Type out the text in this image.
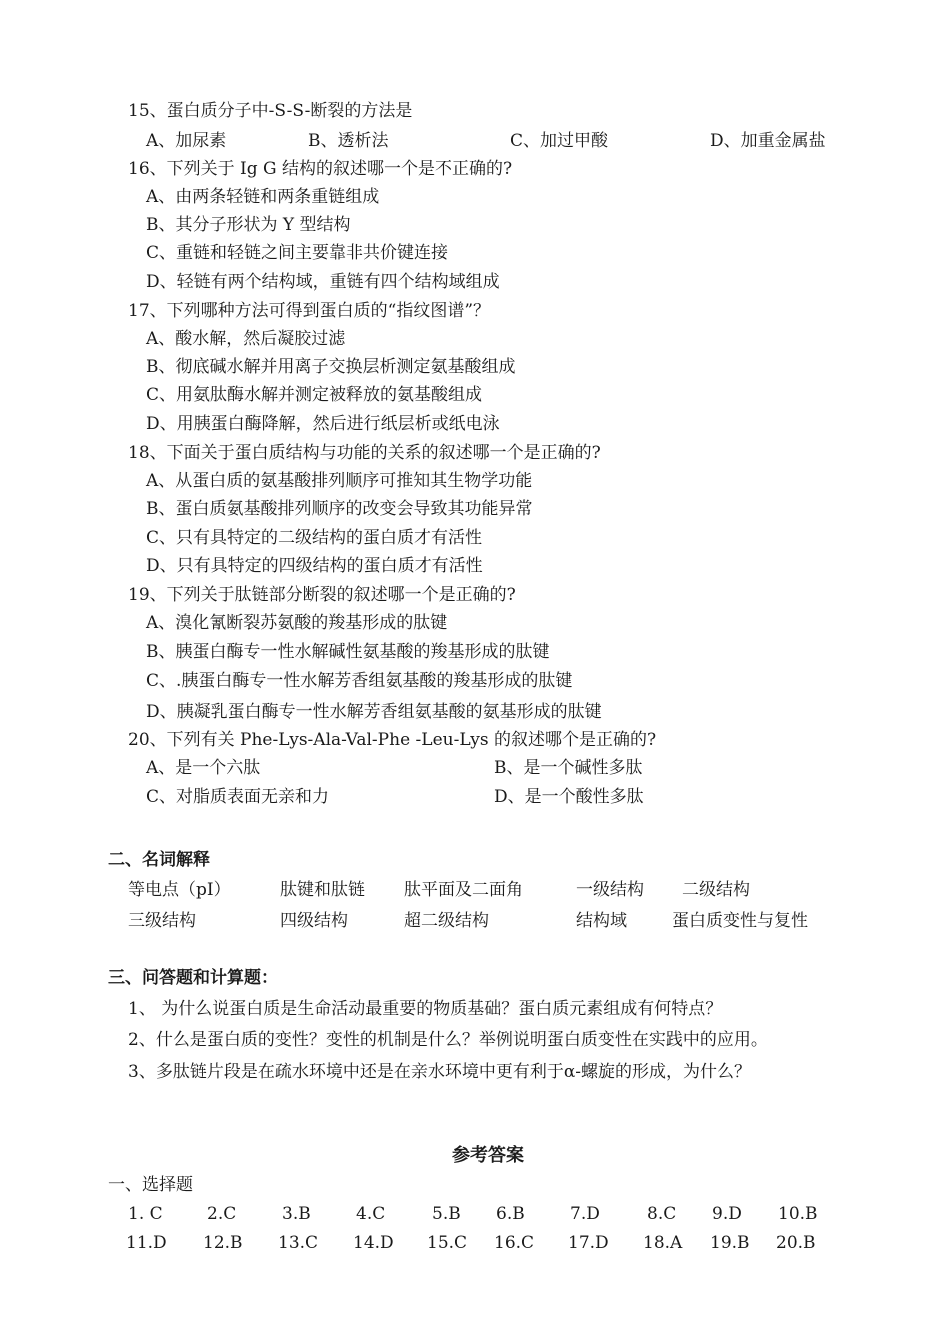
15、蛋白质分子中-S-S-断裂的方法是
A、加尿素	B、透析法	C、加过甲酸	D、加重金属盐
16、下列关于 Ig G 结构的叙述哪一个是不正确的?
A、由两条轻链和两条重链组成
B、其分子形状为 Y 型结构
C、重链和轻链之间主要靠非共价键连接
D、轻链有两个结构域，重链有四个结构域组成
17、下列哪种方法可得到蛋白质的“指纹图谱”？
A、酸水解，然后凝胶过滤
B、彻底碱水解并用离子交换层析测定氨基酸组成
C、用氨肽酶水解并测定被释放的氨基酸组成
D、用胰蛋白酶降解，然后进行纸层析或纸电泳
18、下面关于蛋白质结构与功能的关系的叙述哪一个是正确的?
A、从蛋白质的氨基酸排列顺序可推知其生物学功能
B、蛋白质氨基酸排列顺序的改变会导致其功能异常
C、只有具特定的二级结构的蛋白质才有活性
D、只有具特定的四级结构的蛋白质才有活性
19、下列关于肽链部分断裂的叙述哪一个是正确的?
A、溴化氰断裂苏氨酸的羧基形成的肽键
B、胰蛋白酶专一性水解碱性氨基酸的羧基形成的肽键
C、.胰蛋白酶专一性水解芳香组氨基酸的羧基形成的肽键
D、胰凝乳蛋白酶专一性水解芳香组氨基酸的氨基形成的肽键
20、下列有关 Phe-Lys-Ala-Val-Phe -Leu-Lys 的叙述哪个是正确的?
A、是一个六肽	B、是一个碱性多肽
C、对脂质表面无亲和力	D、是一个酸性多肽
二、名词解释
等电点（pI）	肽键和肽链 肽平面及二面角	一级结构 二级结构
三级结构	四级结构	超二级结构	结构域	蛋白质变性与复性
三、问答题和计算题：
1、 为什么说蛋白质是生命活动最重要的物质基础？蛋白质元素组成有何特点？
2、什么是蛋白质的变性？变性的机制是什么？举例说明蛋白质变性在实践中的应用。
3、多肽链片段是在疏水环境中还是在亲水环境中更有利于α-螺旋的形成，为什么？
参考答案
一、选择题
1. C	2.C	3.B	4.C	5.B 6.B	7.D	8.C 9.D 10.B
11.D 12.B 13.C 14.D 15.C 16.C 17.D 18.A 19.B 20.B
